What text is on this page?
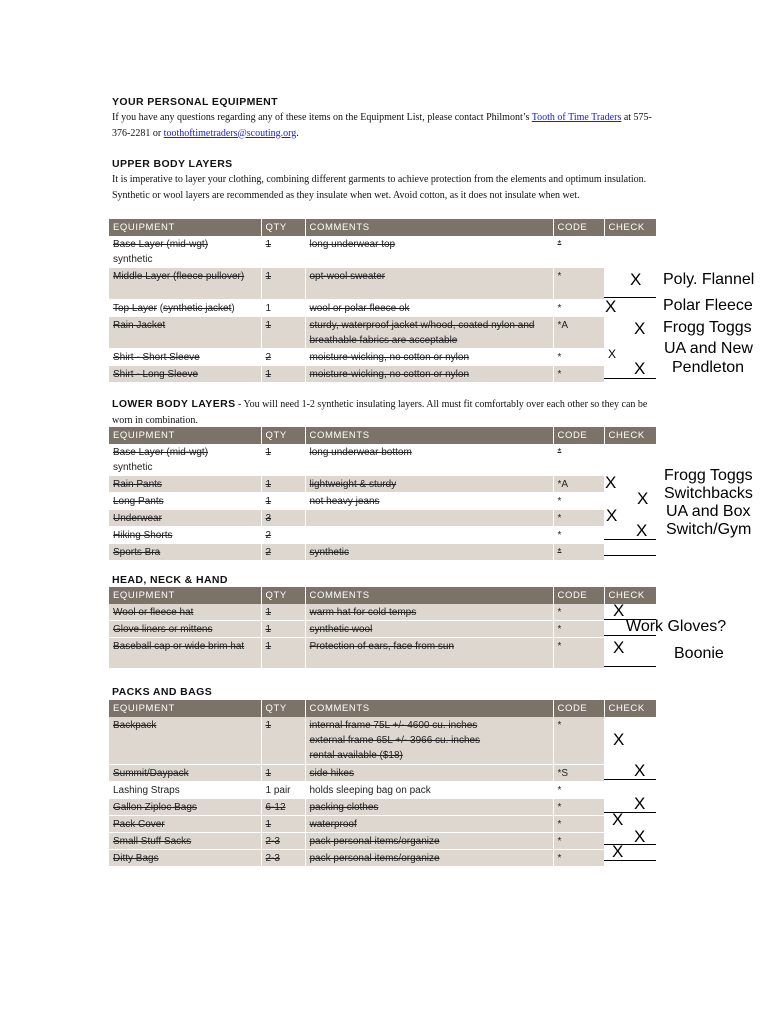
YOUR PERSONAL EQUIPMENT

If you have any questions regarding any of these items on the Equipment List, please contact Philmont’s Tooth of Time Traders at 575-376-2281 or toothoftimetraders@scouting.org.

UPPER BODY LAYERS

It is imperative to layer your clothing, combining different garments to achieve protection from the elements and optimum insulation. Synthetic or wool layers are recommended as they insulate when wet. Avoid cotton, as it does not insulate when wet.

EQUIPMENT	QTY	COMMENTS	CODE	CHECK
Base Layer (mid-wgt)
synthetic	1	long underwear top	*	
Middle Layer (fleece pullover)	1	opt-wool sweater	*	
Top Layer (synthetic jacket)	1	wool or polar fleece ok	*	
Rain Jacket	1	sturdy, waterproof jacket w/hood, coated nylon and breathable fabrics are acceptable	*A	
Shirt - Short Sleeve	2	moisture-wicking, no cotton or nylon	*	
Shirt - Long Sleeve	1	moisture-wicking, no cotton or nylon	*	

LOWER BODY LAYERS - You will need 1-2 synthetic insulating layers. All must fit comfortably over each other so they can be worn in combination.

EQUIPMENT	QTY	COMMENTS	CODE	CHECK
Base Layer (mid-wgt)
synthetic	1	long underwear bottom	*	
Rain Pants	1	lightweight & sturdy	*A	
Long Pants	1	not heavy jeans	*	
Underwear	3		*	
Hiking Shorts	2		*	
Sports Bra	2	synthetic	*	
HEAD, NECK & HAND
EQUIPMENT	QTY	COMMENTS	CODE	CHECK
Wool or fleece hat	1	warm hat for cold temps	*	
Glove liners or mittens	1	synthetic wool	*	
Baseball cap or wide brim hat	1	Protection of ears, face from sun	*	
PACKS AND BAGS
EQUIPMENT	QTY	COMMENTS	CODE	CHECK
Backpack	1	internal frame 75L +/- 4600 cu. inches
external frame 65L +/- 3966 cu. inches
rental available ($18)	*	
Summit/Daypack	1	side hikes	*S	
Lashing Straps	1 pair	holds sleeping bag on pack	*	
Gallon Ziploc Bags	6-12	packing clothes	*	
Pack Cover	1	waterproof	*	
Small Stuff Sacks	2-3	pack personal items/organize	*	
Ditty Bags	2-3	pack personal items/organize	*	
X Poly. Flannel
X	Polar Fleece
X Frogg Toggs
X	UA and New
X Pendleton
Frogg Toggs
X
Switchbacks
X
UA and Box
X
Switch/Gym
X
X
Work Gloves?
X	Boonie
X
X
X
X
X
X
